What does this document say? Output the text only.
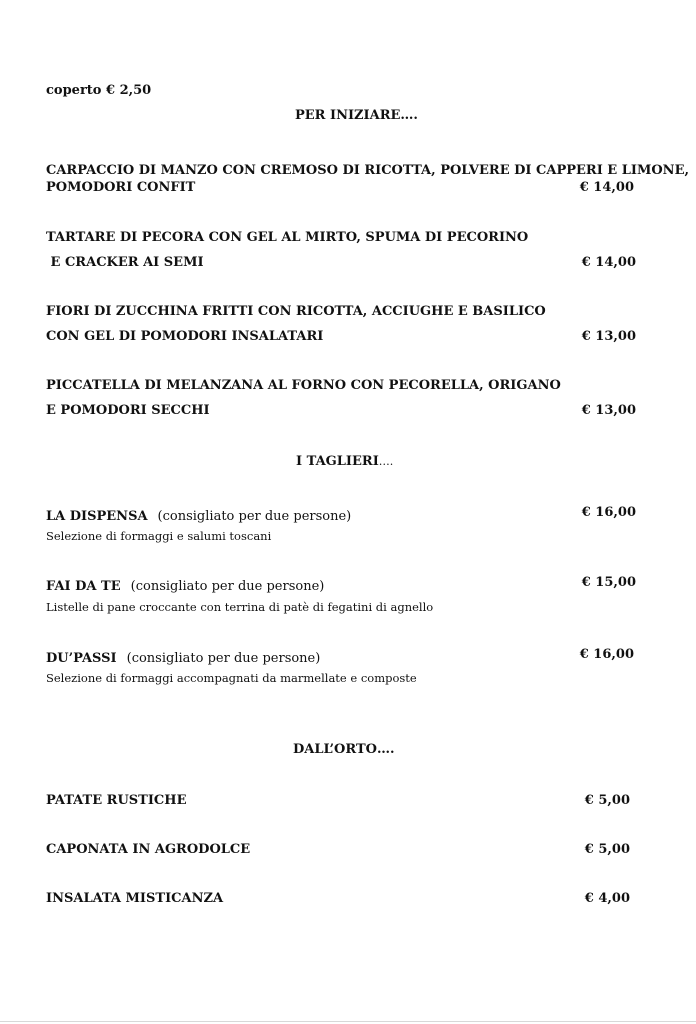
coperto € 2,50
PER INIZIARE….
CARPACCIO DI MANZO CON CREMOSO DI RICOTTA, POLVERE DI CAPPERI E LIMONE,
POMODORI CONFIT	€ 14,00
TARTARE DI PECORA CON GEL AL MIRTO, SPUMA DI PECORINO
E CRACKER AI SEMI	€ 14,00
FIORI DI ZUCCHINA FRITTI CON RICOTTA, ACCIUGHE E BASILICO
CON GEL DI POMODORI INSALATARI	€ 13,00
PICCATELLA DI MELANZANA AL FORNO CON PECORELLA, ORIGANO
E POMODORI SECCHI	€ 13,00
I TAGLIERI….
LA DISPENSA (consigliato per due persone)	€ 16,00
Selezione di formaggi e salumi toscani
FAI DA TE (consigliato per due persone)	€ 15,00
Listelle di pane croccante con terrina di patè di fegatini di agnello
DU’PASSI (consigliato per due persone)	€ 16,00
Selezione di formaggi accompagnati da marmellate e composte
DALL’ORTO….
PATATE RUSTICHE	€ 5,00
CAPONATA IN AGRODOLCE	€ 5,00
INSALATA MISTICANZA	€ 4,00
